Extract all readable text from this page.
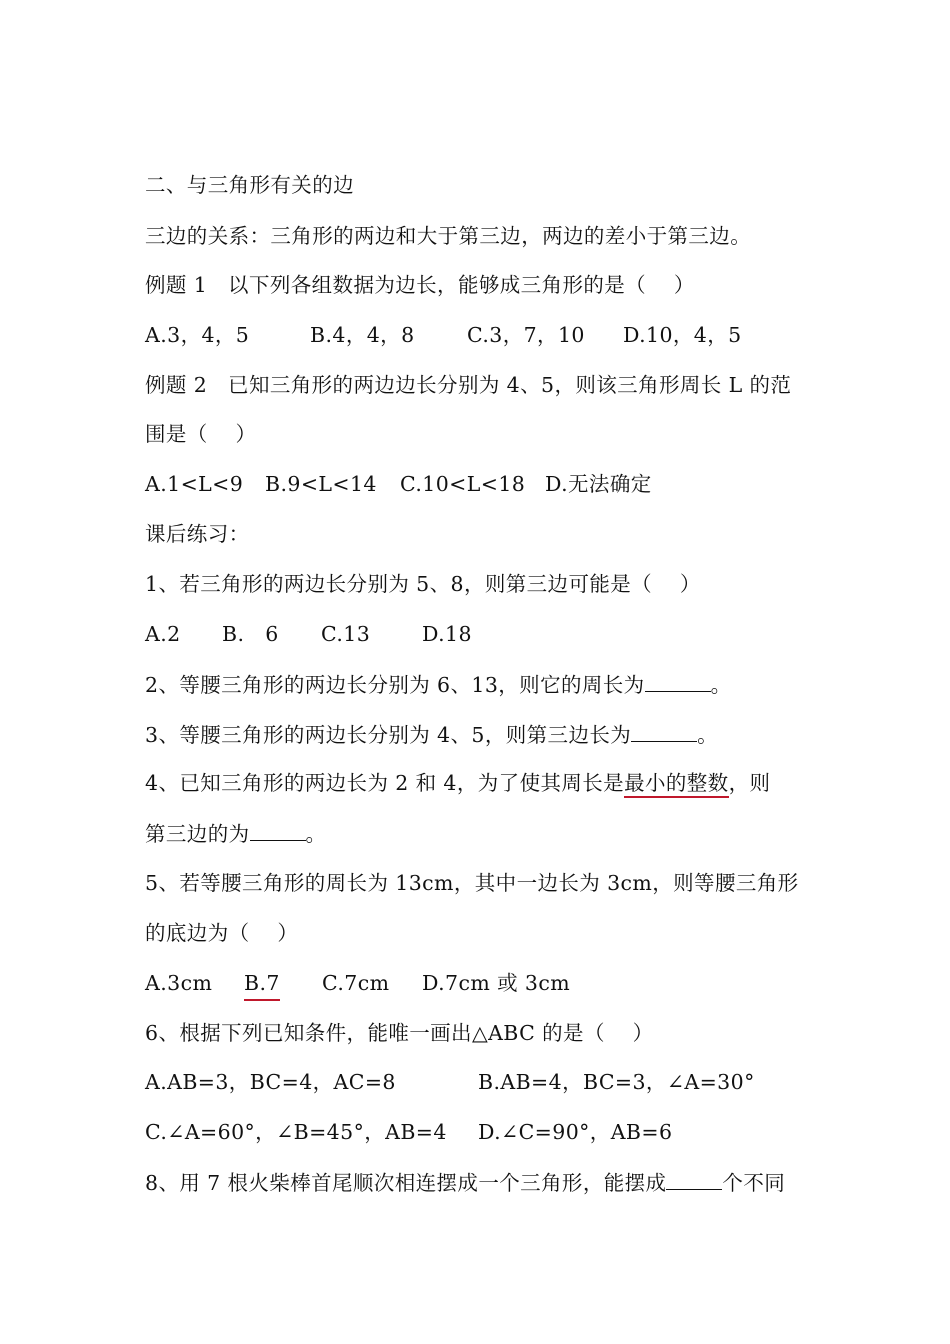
二、与三角形有关的边
三边的关系：三角形的两边和大于第三边，两边的差小于第三边。
例题 1　以下列各组数据为边长，能够成三角形的是（　 ）
A.3，4，5	B.4，4，8	C.3，7，10 D.10，4，5
例题 2　已知三角形的两边边长分别为 4、5，则该三角形周长 L 的范
围是（　 ）
A.1<L<9 B.9<L<14 C.10<L<18 D.无法确定
课后练习：
1、若三角形的两边长分别为 5、8，则第三边可能是（　 ）
A.2 B.　6 C.13	D.18
2、等腰三角形的两边长分别为 6、13，则它的周长为	。
3、等腰三角形的两边长分别为 4、5，则第三边长为	。
4、已知三角形的两边长为 2 和 4，为了使其周长是最小的整数，则
第三边的为	。
5、若等腰三角形的周长为 13cm，其中一边长为 3cm，则等腰三角形
的底边为（　 ）
A.3cm B.7 C.7cm D.7cm 或 3cm
6、根据下列已知条件，能唯一画出△ABC 的是（　 ）
A.AB=3，BC=4，AC=8	B.AB=4，BC=3，∠A=30°
C.∠A=60°，∠B=45°，AB=4 D.∠C=90°，AB=6
8、用 7 根火柴棒首尾顺次相连摆成一个三角形，能摆成	个不同
